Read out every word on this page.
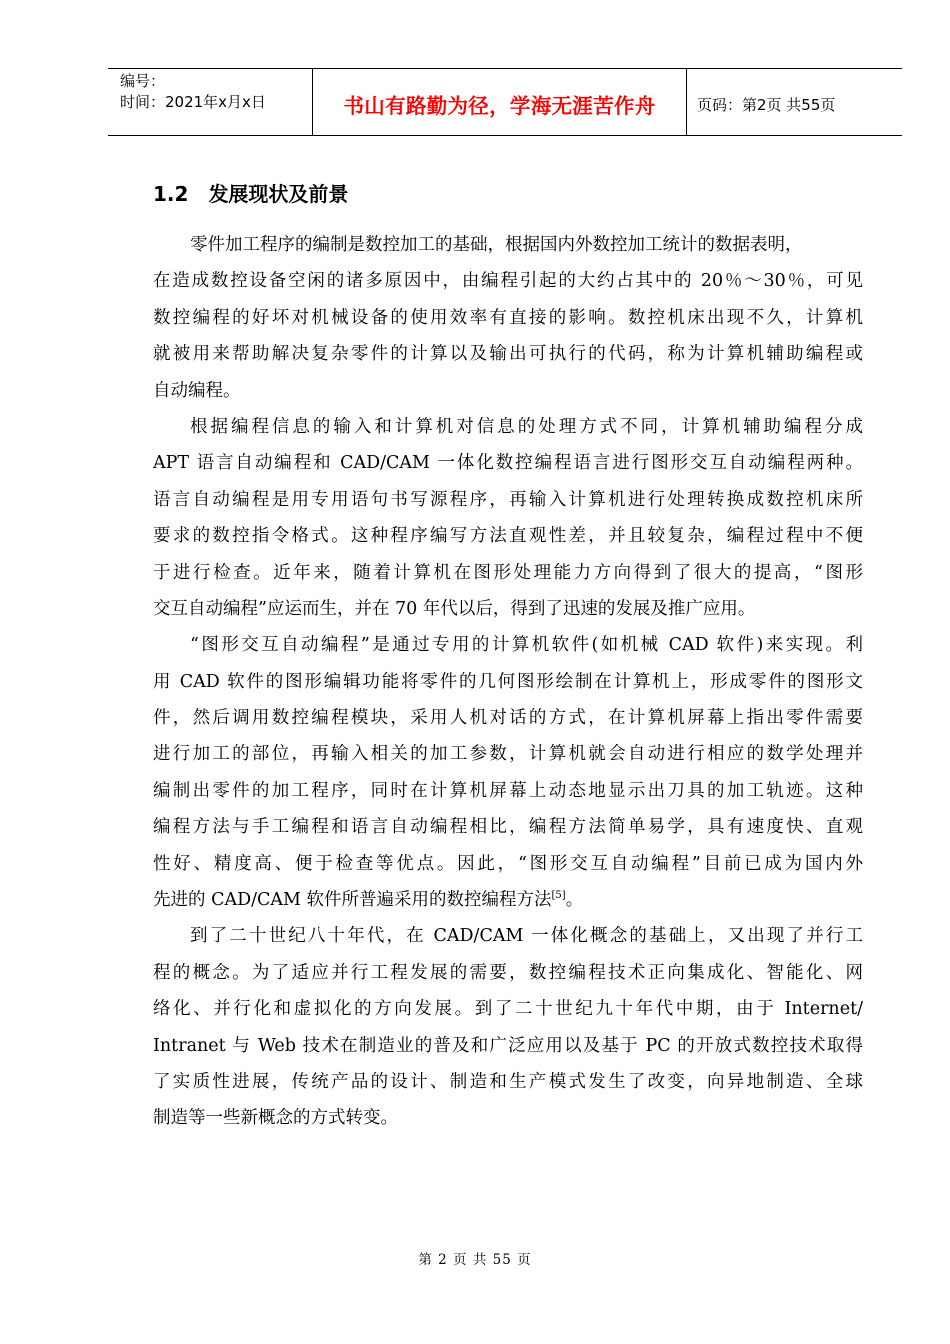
编号：
时间：2021年x月x日	书山有路勤为径，学海无涯苦作舟	页码：第2页 共55页
1.2 发展现状及前景
零件加工程序的编制是数控加工的基础，根据国内外数控加工统计的数据表明，
在造成数控设备空闲的诸多原因中，由编程引起的大约占其中的 20％～30％，可见
数控编程的好坏对机械设备的使用效率有直接的影响。数控机床出现不久，计算机
就被用来帮助解决复杂零件的计算以及输出可执行的代码，称为计算机辅助编程或
自动编程。
根据编程信息的输入和计算机对信息的处理方式不同，计算机辅助编程分成
APT 语言自动编程和 CAD/CAM 一体化数控编程语言进行图形交互自动编程两种。
语言自动编程是用专用语句书写源程序，再输入计算机进行处理转换成数控机床所
要求的数控指令格式。这种程序编写方法直观性差，并且较复杂，编程过程中不便
于进行检查。近年来，随着计算机在图形处理能力方向得到了很大的提高，“图形
交互自动编程”应运而生，并在 70 年代以后，得到了迅速的发展及推广应用。
“图形交互自动编程”是通过专用的计算机软件(如机械 CAD 软件)来实现。利
用 CAD 软件的图形编辑功能将零件的几何图形绘制在计算机上，形成零件的图形文
件，然后调用数控编程模块，采用人机对话的方式，在计算机屏幕上指出零件需要
进行加工的部位，再输入相关的加工参数，计算机就会自动进行相应的数学处理并
编制出零件的加工程序，同时在计算机屏幕上动态地显示出刀具的加工轨迹。这种
编程方法与手工编程和语言自动编程相比，编程方法简单易学，具有速度快、直观
性好、精度高、便于检查等优点。因此，“图形交互自动编程”目前已成为国内外
先进的 CAD/CAM 软件所普遍采用的数控编程方法[5]。
到了二十世纪八十年代，在 CAD/CAM 一体化概念的基础上，又出现了并行工
程的概念。为了适应并行工程发展的需要，数控编程技术正向集成化、智能化、网
络化、并行化和虚拟化的方向发展。到了二十世纪九十年代中期，由于 Internet/
Intranet 与 Web 技术在制造业的普及和广泛应用以及基于 PC 的开放式数控技术取得
了实质性进展，传统产品的设计、制造和生产模式发生了改变，向异地制造、全球
制造等一些新概念的方式转变。
第 2 页 共 55 页
